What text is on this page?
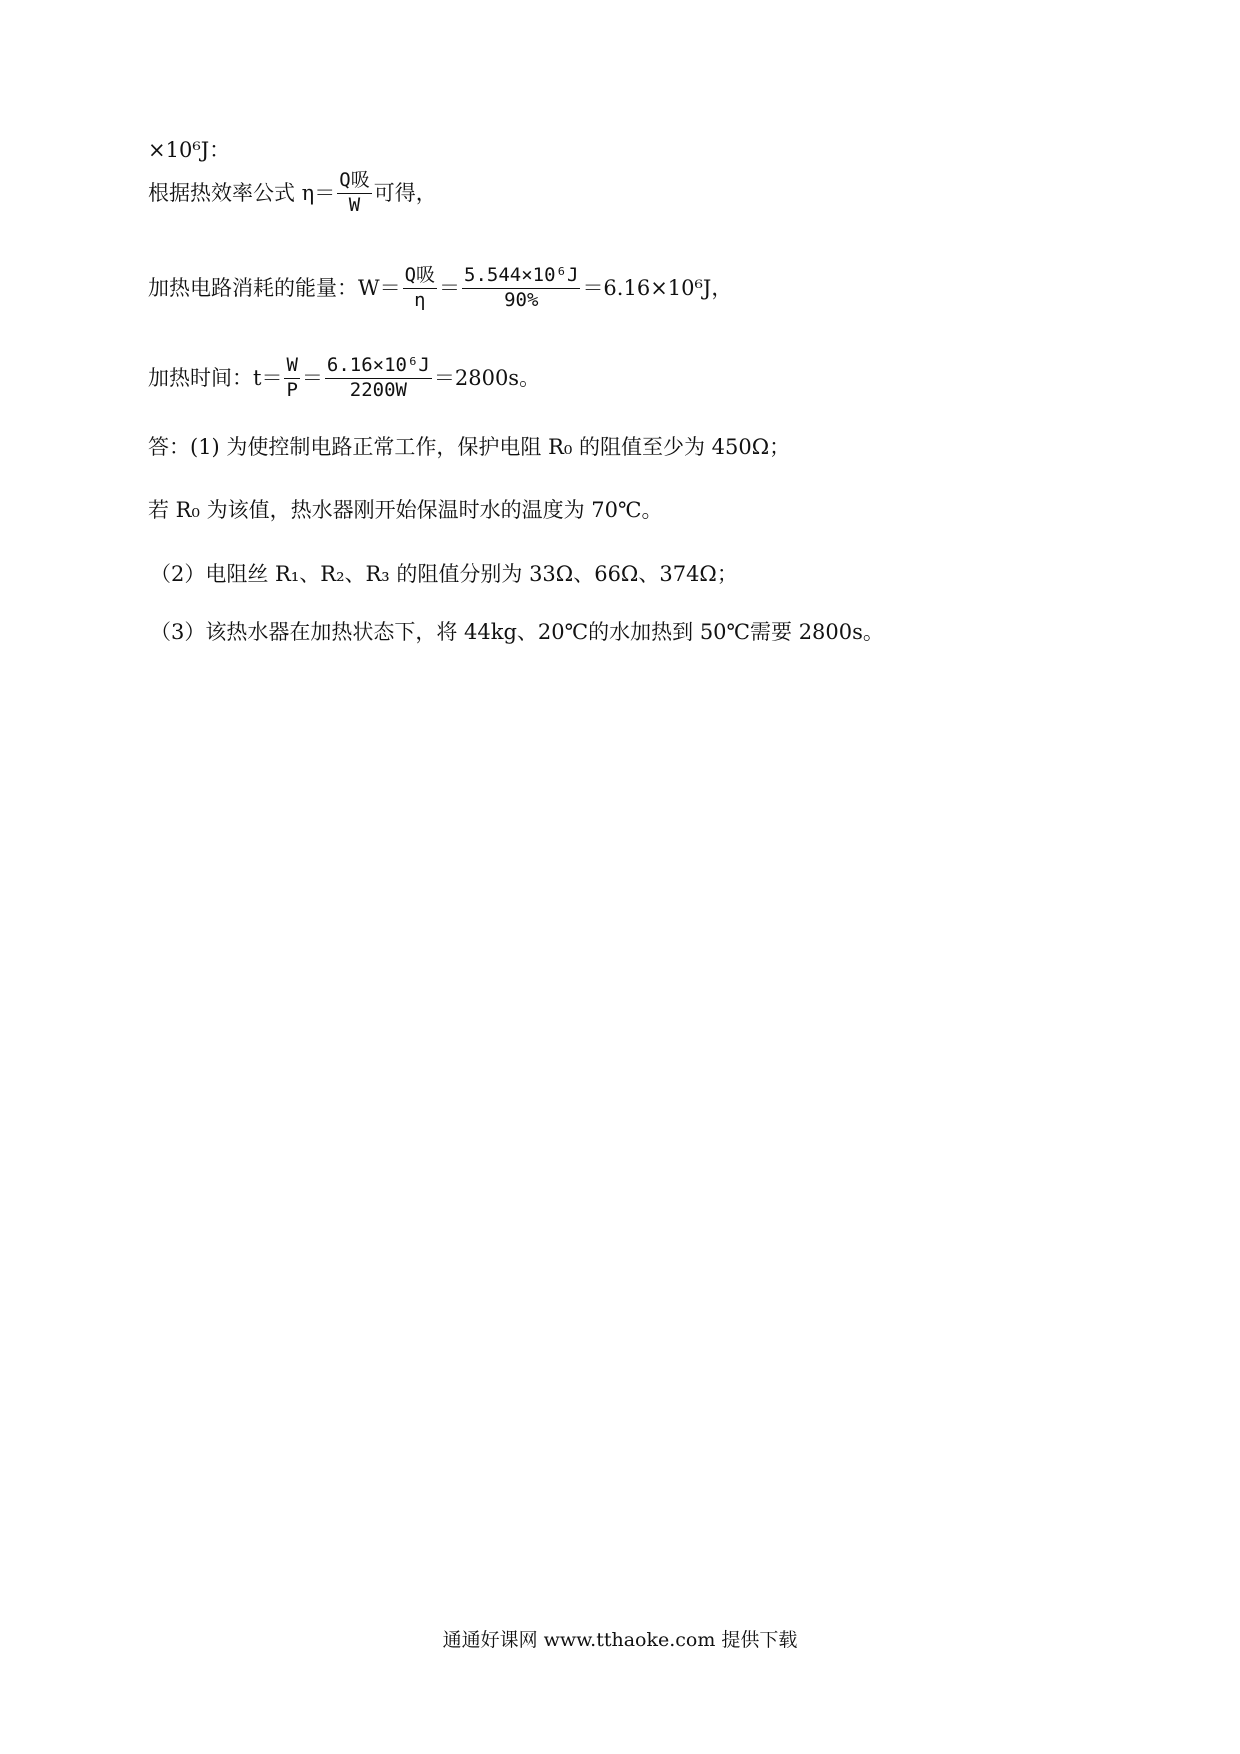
×10⁶J：
根据热效率公式 $\eta= \frac{\text{Q吸}}{W}$ 可得，
加热电路消耗的能量：$W= \frac{\text{Q吸}}{\eta} = \frac{\text{5.544×10⁶J}}{90\%} =6.16\times 10^6J$，
加热时间：$t= \frac{W}{P} = \frac{\text{6.16×10⁶J}}{2200W} =2800s$。
答：(1) 为使控制电路正常工作，保护电阻 R₀ 的阻值至少为 450Ω；
若 R₀ 为该值，热水器刚开始保温时水的温度为 70℃。
（2）电阻丝 R₁、R₂、R₃ 的阻值分别为 33Ω、66Ω、374Ω；
（3）该热水器在加热状态下，将 44kg、20℃的水加热到 50℃需要 2800s。
通通好课网 www.tthaoke.com 提供下载
